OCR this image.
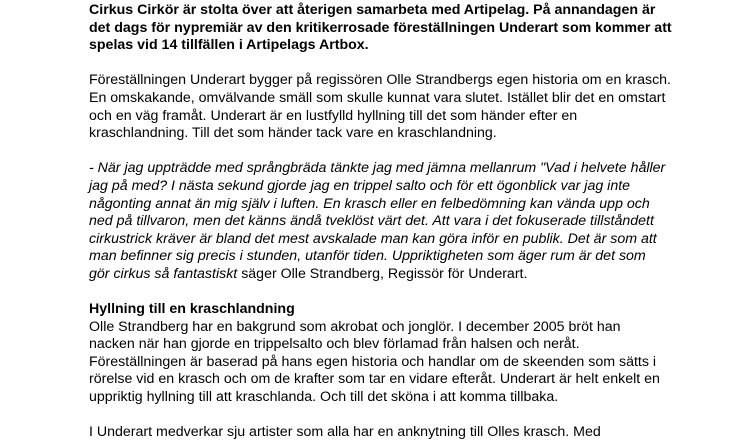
Cirkus Cirkör är stolta över att återigen samarbeta med Artipelag. På annandagen är
det dags för nypremiär av den kritikerrosade föreställningen Underart som kommer att
spelas vid 14 tillfällen i Artipelags Artbox.

Föreställningen Underart bygger på regissören Olle Strandbergs egen historia om en krasch.
En omskakande, omvälvande smäll som skulle kunnat vara slutet. Istället blir det en omstart
och en väg framåt. Underart är en lustfylld hyllning till det som händer efter en
kraschlandning. Till det som händer tack vare en kraschlandning.

- När jag uppträdde med språngbräda tänkte jag med jämna mellanrum "Vad i helvete håller
jag på med? I nästa sekund gjorde jag en trippel salto och för ett ögonblick var jag inte
någonting annat än mig själv i luften. En krasch eller en felbedömning kan vända upp och
ned på tillvaron, men det känns ändå tveklöst värt det. Att vara i det fokuserade tillståndett
cirkustrick kräver är bland det mest avskalade man kan göra inför en publik. Det är som att
man befinner sig precis i stunden, utanför tiden. Uppriktigheten som äger rum är det som
gör cirkus så fantastiskt säger Olle Strandberg, Regissör för Underart.

Hyllning till en kraschlandning
Olle Strandberg har en bakgrund som akrobat och jonglör. I december 2005 bröt han
nacken när han gjorde en trippelsalto och blev förlamad från halsen och neråt.
Föreställningen är baserad på hans egen historia och handlar om de skeenden som sätts i
rörelse vid en krasch och om de krafter som tar en vidare efteråt. Underart är helt enkelt en
uppriktig hyllning till att kraschlanda. Och till det sköna i att komma tillbaka.

I Underart medverkar sju artister som alla har en anknytning till Olles krasch. Med
